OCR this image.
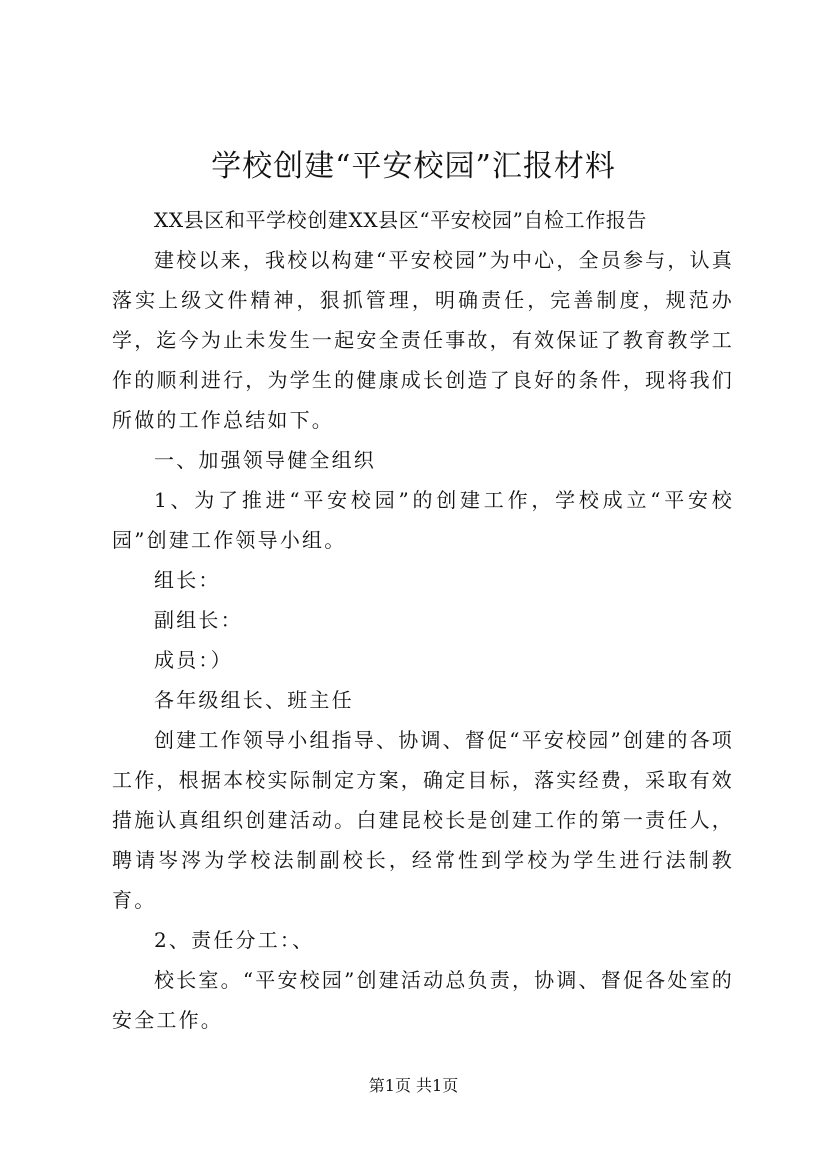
学校创建“平安校园”汇报材料

XX县区和平学校创建XX县区“平安校园”自检工作报告

建校以来，我校以构建“平安校园”为中心，全员参与，认真落实上级文件精神，狠抓管理，明确责任，完善制度，规范办学，迄今为止未发生一起安全责任事故，有效保证了教育教学工作的顺利进行，为学生的健康成长创造了良好的条件，现将我们所做的工作总结如下。

一、加强领导健全组织

1、为了推进“平安校园”的创建工作，学校成立“平安校园”创建工作领导小组。

组长：

副组长：

成员：）

各年级组长、班主任

创建工作领导小组指导、协调、督促“平安校园”创建的各项工作，根据本校实际制定方案，确定目标，落实经费，采取有效措施认真组织创建活动。白建昆校长是创建工作的第一责任人，聘请岑涔为学校法制副校长，经常性到学校为学生进行法制教育。

2、责任分工：、

校长室。“平安校园”创建活动总负责，协调、督促各处室的安全工作。

第1页 共1页
